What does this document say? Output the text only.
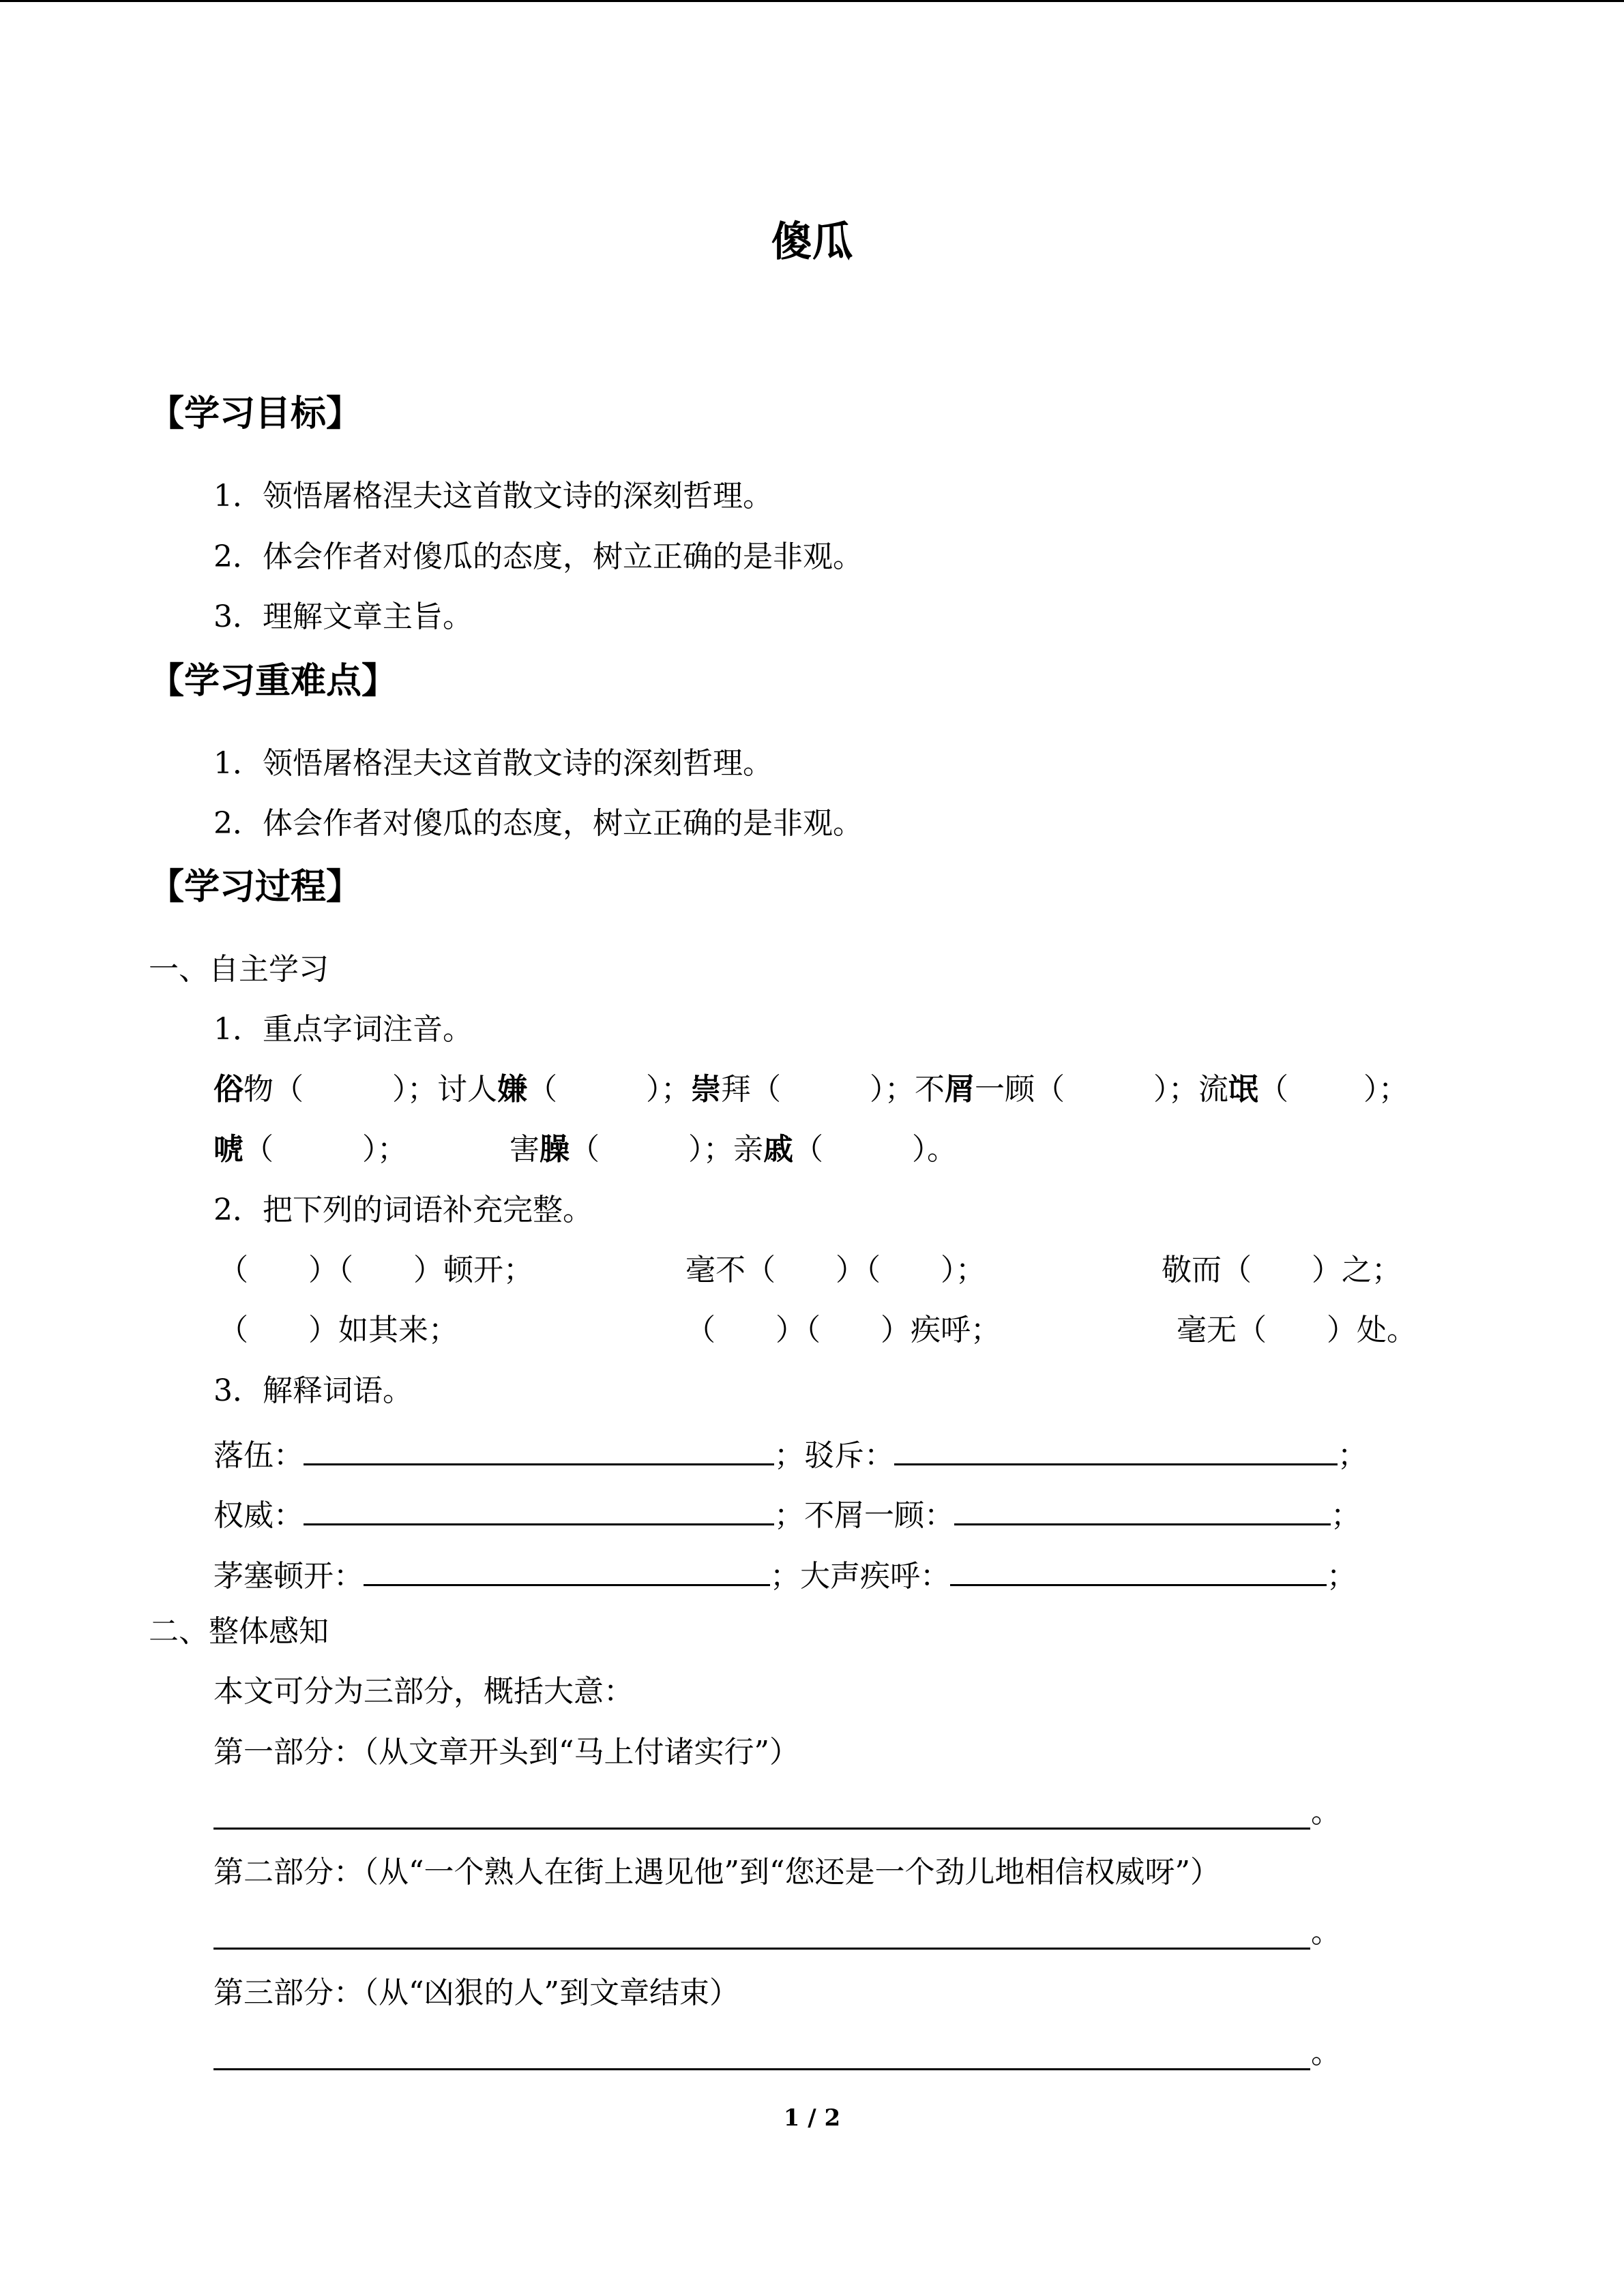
傻瓜
【学习目标】
1．领悟屠格涅夫这首散文诗的深刻哲理。
2．体会作者对傻瓜的态度，树立正确的是非观。
3．理解文章主旨。
【学习重难点】
1．领悟屠格涅夫这首散文诗的深刻哲理。
2．体会作者对傻瓜的态度，树立正确的是非观。
【学习过程】
一、自主学习
1．重点字词注音。
俗物（	）；讨人嫌（	）；崇拜（	）；不屑一顾（	）；流氓（	）；
唬（	）；	害臊（	）；亲戚（	）。
2．把下列的词语补充完整。
（　　）（　　）顿开；	毫不（　　）（　　）；	敬而（　　）之；
（　　）如其来；	（　　）（　　）疾呼；	毫无（　　）处。
3．解释词语。
落伍：	；驳斥：	；
权威：	；不屑一顾：	；
茅塞顿开：	；大声疾呼：	；
二、整体感知
本文可分为三部分，概括大意：
第一部分：（从文章开头到“马上付诸实行”）
。
第二部分：（从“一个熟人在街上遇见他”到“您还是一个劲儿地相信权威呀”）
。
第三部分：（从“凶狠的人”到文章结束）
。
1 / 2
